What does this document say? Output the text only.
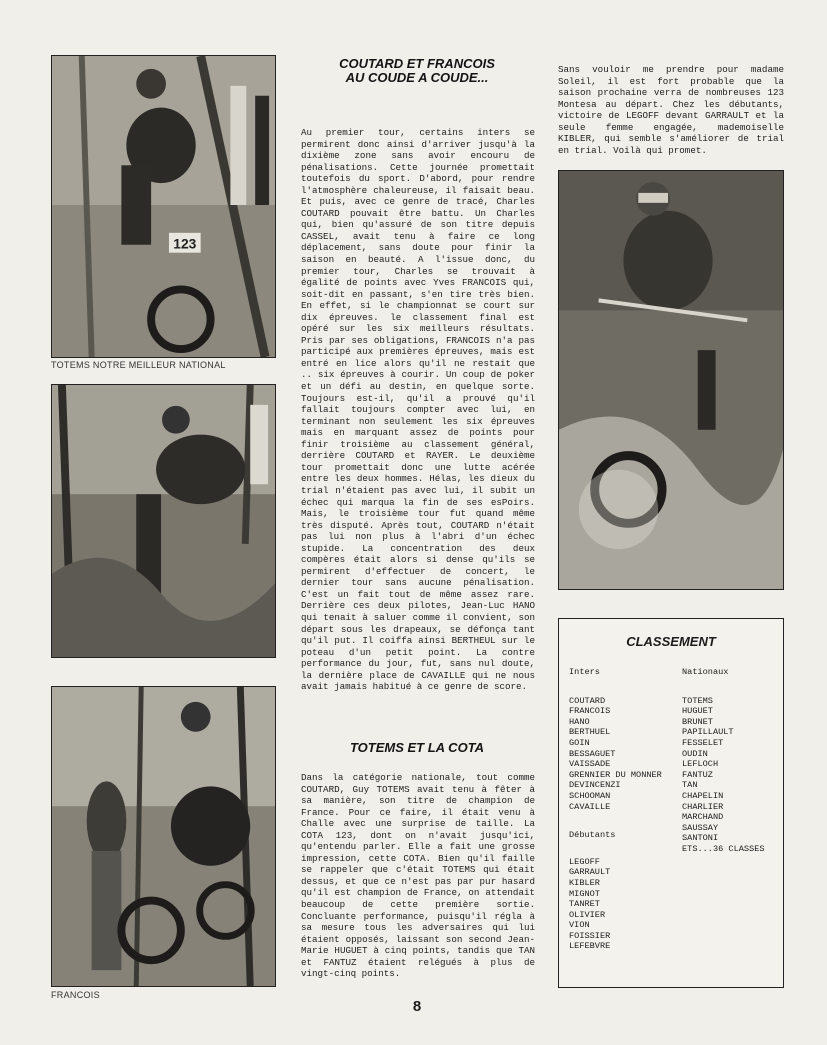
123
TOTEMS NOTRE MEILLEUR NATIONAL
FRANCOIS
COUTARD ET FRANCOIS
AU COUDE A COUDE...
Au premier tour, certains inters se permirent donc ainsi d'arriver jusqu'à la dixième zone sans avoir encouru de pénalisations. Cette journée promettait toutefois du sport. D'abord, pour rendre l'atmosphère chaleureuse, il faisait beau. Et puis, avec ce genre de tracé, Charles COUTARD pouvait être battu. Un Charles qui, bien qu'assuré de son titre depuis CASSEL, avait tenu à faire ce long déplacement, sans doute pour finir la saison en beauté. A l'issue donc, du premier tour, Charles se trouvait à égalité de points avec Yves FRANCOIS qui, soit-dit en passant, s'en tire très bien. En effet, si le championnat se court sur dix épreuves. le classement final est opéré sur les six meilleurs résultats. Pris par ses obligations, FRANCOIS n'a pas participé aux premières épreuves, mais est entré en lice alors qu'il ne restait que .. six épreuves à courir. Un coup de poker et un défi au destin, en quelque sorte. Toujours est-il, qu'il a prouvé qu'il fallait toujours compter avec lui, en terminant non seulement les six épreuves mais en marquant assez de points pour finir troisième au classement général, derrière COUTARD et RAYER. Le deuxième tour promettait donc une lutte acérée entre les deux hommes. Hélas, les dieux du trial n'étaient pas avec lui, il subit un échec qui marqua la fin de ses esPoirs. Mais, le troisième tour fut quand même très disputé. Après tout, COUTARD n'était pas lui non plus à l'abri d'un échec stupide. La concentration des deux compères était alors si dense qu'ils se permirent d'effectuer de concert, le dernier tour sans aucune pénalisation. C'est un fait tout de même assez rare. Derrière ces deux pilotes, Jean-Luc HANO qui tenait à saluer comme il convient, son départ sous les drapeaux, se défonça tant qu'il put. Il coiffa ainsi BERTHEUL sur le poteau d'un petit point. La contre performance du jour, fut, sans nul doute, la dernière place de CAVAILLE qui ne nous avait jamais habitué à ce genre de score.
TOTEMS ET LA COTA
Dans la catégorie nationale, tout comme COUTARD, Guy TOTEMS avait tenu à fêter à sa manière, son titre de champion de France. Pour ce faire, il était venu à Challe avec une surprise de taille. La COTA 123, dont on n'avait jusqu'ici, qu'entendu parler. Elle a fait une grosse impression, cette COTA. Bien qu'il faille se rappeler que c'était TOTEMS qui était dessus, et que ce n'est pas par pur hasard qu'il est champion de France, on attendait beaucoup de cette première sortie. Concluante performance, puisqu'il régla à sa mesure tous les adversaires qui lui étaient opposés, laissant son second Jean-Marie HUGUET à cinq points, tandis que TAN et FANTUZ étaient relégués à plus de vingt-cinq points.
Sans vouloir me prendre pour madame Soleil, il est fort probable que la saison prochaine verra de nombreuses 123 Montesa au départ. Chez les débutants, victoire de LEGOFF devant GARRAULT et la seule femme engagée, mademoiselle KIBLER, qui semble s'améliorer de trial en trial. Voilà qui promet.
CLASSEMENT
Inters
COUTARD
FRANCOIS
HANO
BERTHUEL
GOIN
BESSAGUET
VAISSADE
GRENNIER DU MONNER
DEVINCENZI
SCHOOMAN
CAVAILLE
Débutants
LEGOFF
GARRAULT
KIBLER
MIGNOT
TANRET
OLIVIER
VION
FOISSIER
LEFEBVRE
Nationaux
TOTEMS
HUGUET
BRUNET
PAPILLAULT
FESSELET
OUDIN
LEFLOCH
FANTUZ
TAN
CHAPELIN
CHARLIER
MARCHAND
SAUSSAY
SANTONI
ETS...36 CLASSES
8
